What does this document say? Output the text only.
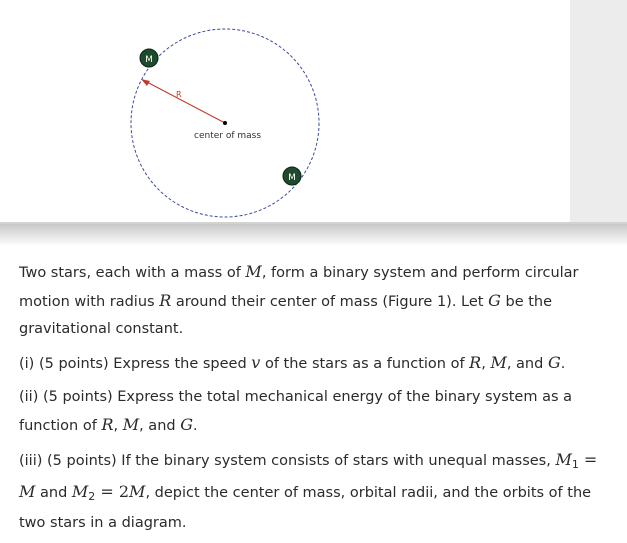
R
center of mass
M
M

Two stars, each with a mass of M, form a binary system and perform circular motion with radius R around their center of mass (Figure 1). Let G be the gravitational constant.

(i) (5 points) Express the speed v of the stars as a function of R, M, and G.

(ii) (5 points) Express the total mechanical energy of the binary system as a function of R, M, and G.

(iii) (5 points) If the binary system consists of stars with unequal masses, $M_1 = M$ and $M_2 = 2M$, depict the center of mass, orbital radii, and the orbits of the two stars in a diagram.
